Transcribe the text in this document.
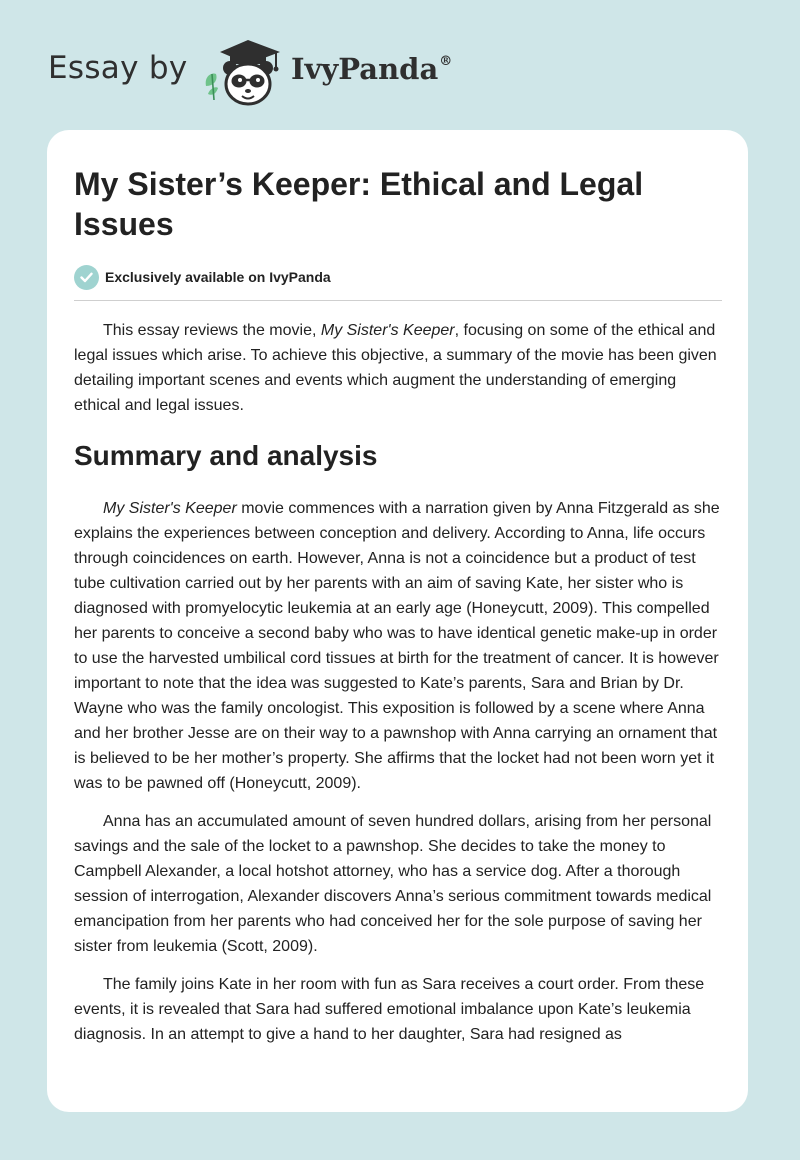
Essay by	IvyPanda®
My Sister’s Keeper: Ethical and Legal Issues
Exclusively available on IvyPanda

This essay reviews the movie, My Sister's Keeper, focusing on some of the ethical and legal issues which arise. To achieve this objective, a summary of the movie has been given detailing important scenes and events which augment the understanding of emerging ethical and legal issues.

Summary and analysis

My Sister's Keeper movie commences with a narration given by Anna Fitzgerald as she explains the experiences between conception and delivery. According to Anna, life occurs through coincidences on earth. However, Anna is not a coincidence but a product of test tube cultivation carried out by her parents with an aim of saving Kate, her sister who is diagnosed with promyelocytic leukemia at an early age (Honeycutt, 2009). This compelled her parents to conceive a second baby who was to have identical genetic make-up in order to use the harvested umbilical cord tissues at birth for the treatment of cancer. It is however important to note that the idea was suggested to Kate’s parents, Sara and Brian by Dr. Wayne who was the family oncologist. This exposition is followed by a scene where Anna and her brother Jesse are on their way to a pawnshop with Anna carrying an ornament that is believed to be her mother’s property. She affirms that the locket had not been worn yet it was to be pawned off (Honeycutt, 2009).

Anna has an accumulated amount of seven hundred dollars, arising from her personal savings and the sale of the locket to a pawnshop. She decides to take the money to Campbell Alexander, a local hotshot attorney, who has a service dog. After a thorough session of interrogation, Alexander discovers Anna’s serious commitment towards medical emancipation from her parents who had conceived her for the sole purpose of saving her sister from leukemia (Scott, 2009).

The family joins Kate in her room with fun as Sara receives a court order. From these events, it is revealed that Sara had suffered emotional imbalance upon Kate’s leukemia diagnosis. In an attempt to give a hand to her daughter, Sara had resigned as
